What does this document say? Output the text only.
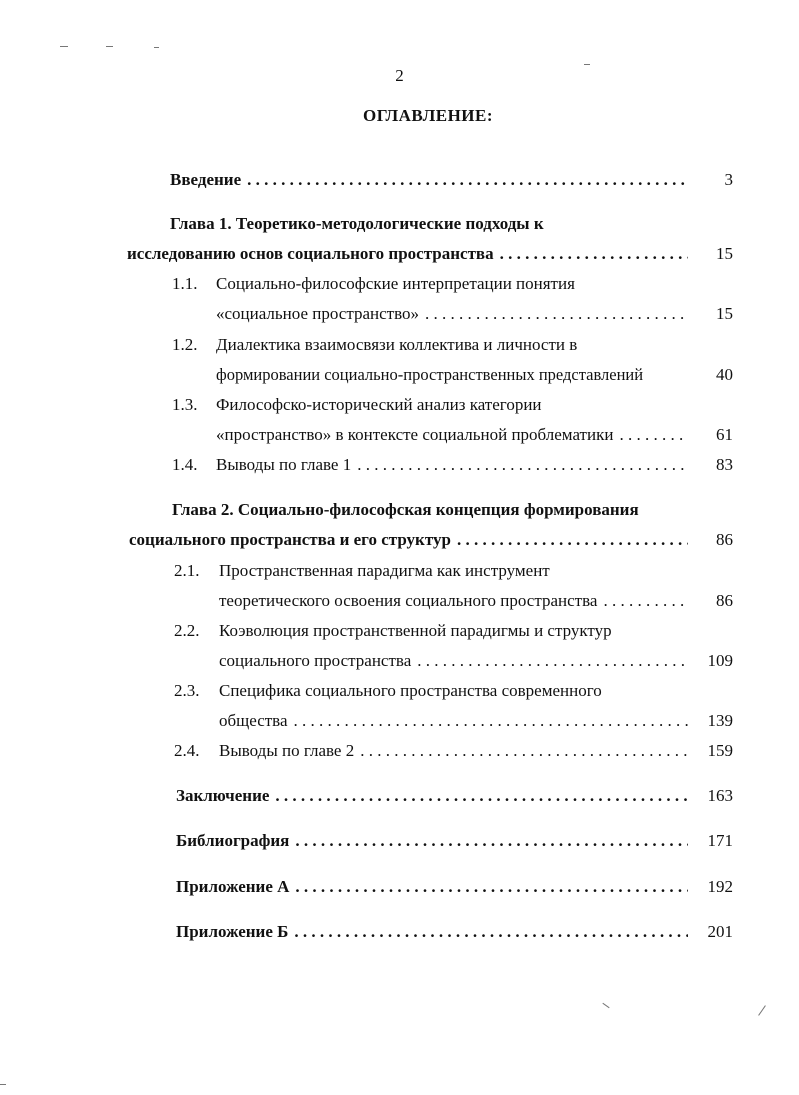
2
ОГЛАВЛЕНИЕ:
Введение . . .	3
Глава 1. Теоретико-методологические подходы к
исследованию основ социального пространства . . .	15
1.1. Социально-философские интерпретации понятия
«социальное пространство» . . .	15
1.2. Диалектика взаимосвязи коллектива и личности в
формировании социально-пространственных представлений	40
1.3. Философско-исторический анализ категории
«пространство» в контексте социальной проблематики . . .	61
1.4. Выводы по главе 1 . . .	83
Глава 2. Социально-философская концепция формирования
социального пространства и его структур . . .	86
2.1. Пространственная парадигма как инструмент
теоретического освоения социального пространства . . .	86
2.2. Коэволюция пространственной парадигмы и структур
социального пространства . . .	109
2.3. Специфика социального пространства современного
общества . . .	139
2.4. Выводы по главе 2 . . .	159
Заключение . . .	163
Библиография . . .	171
Приложение А . . .	192
Приложение Б . . .	201
